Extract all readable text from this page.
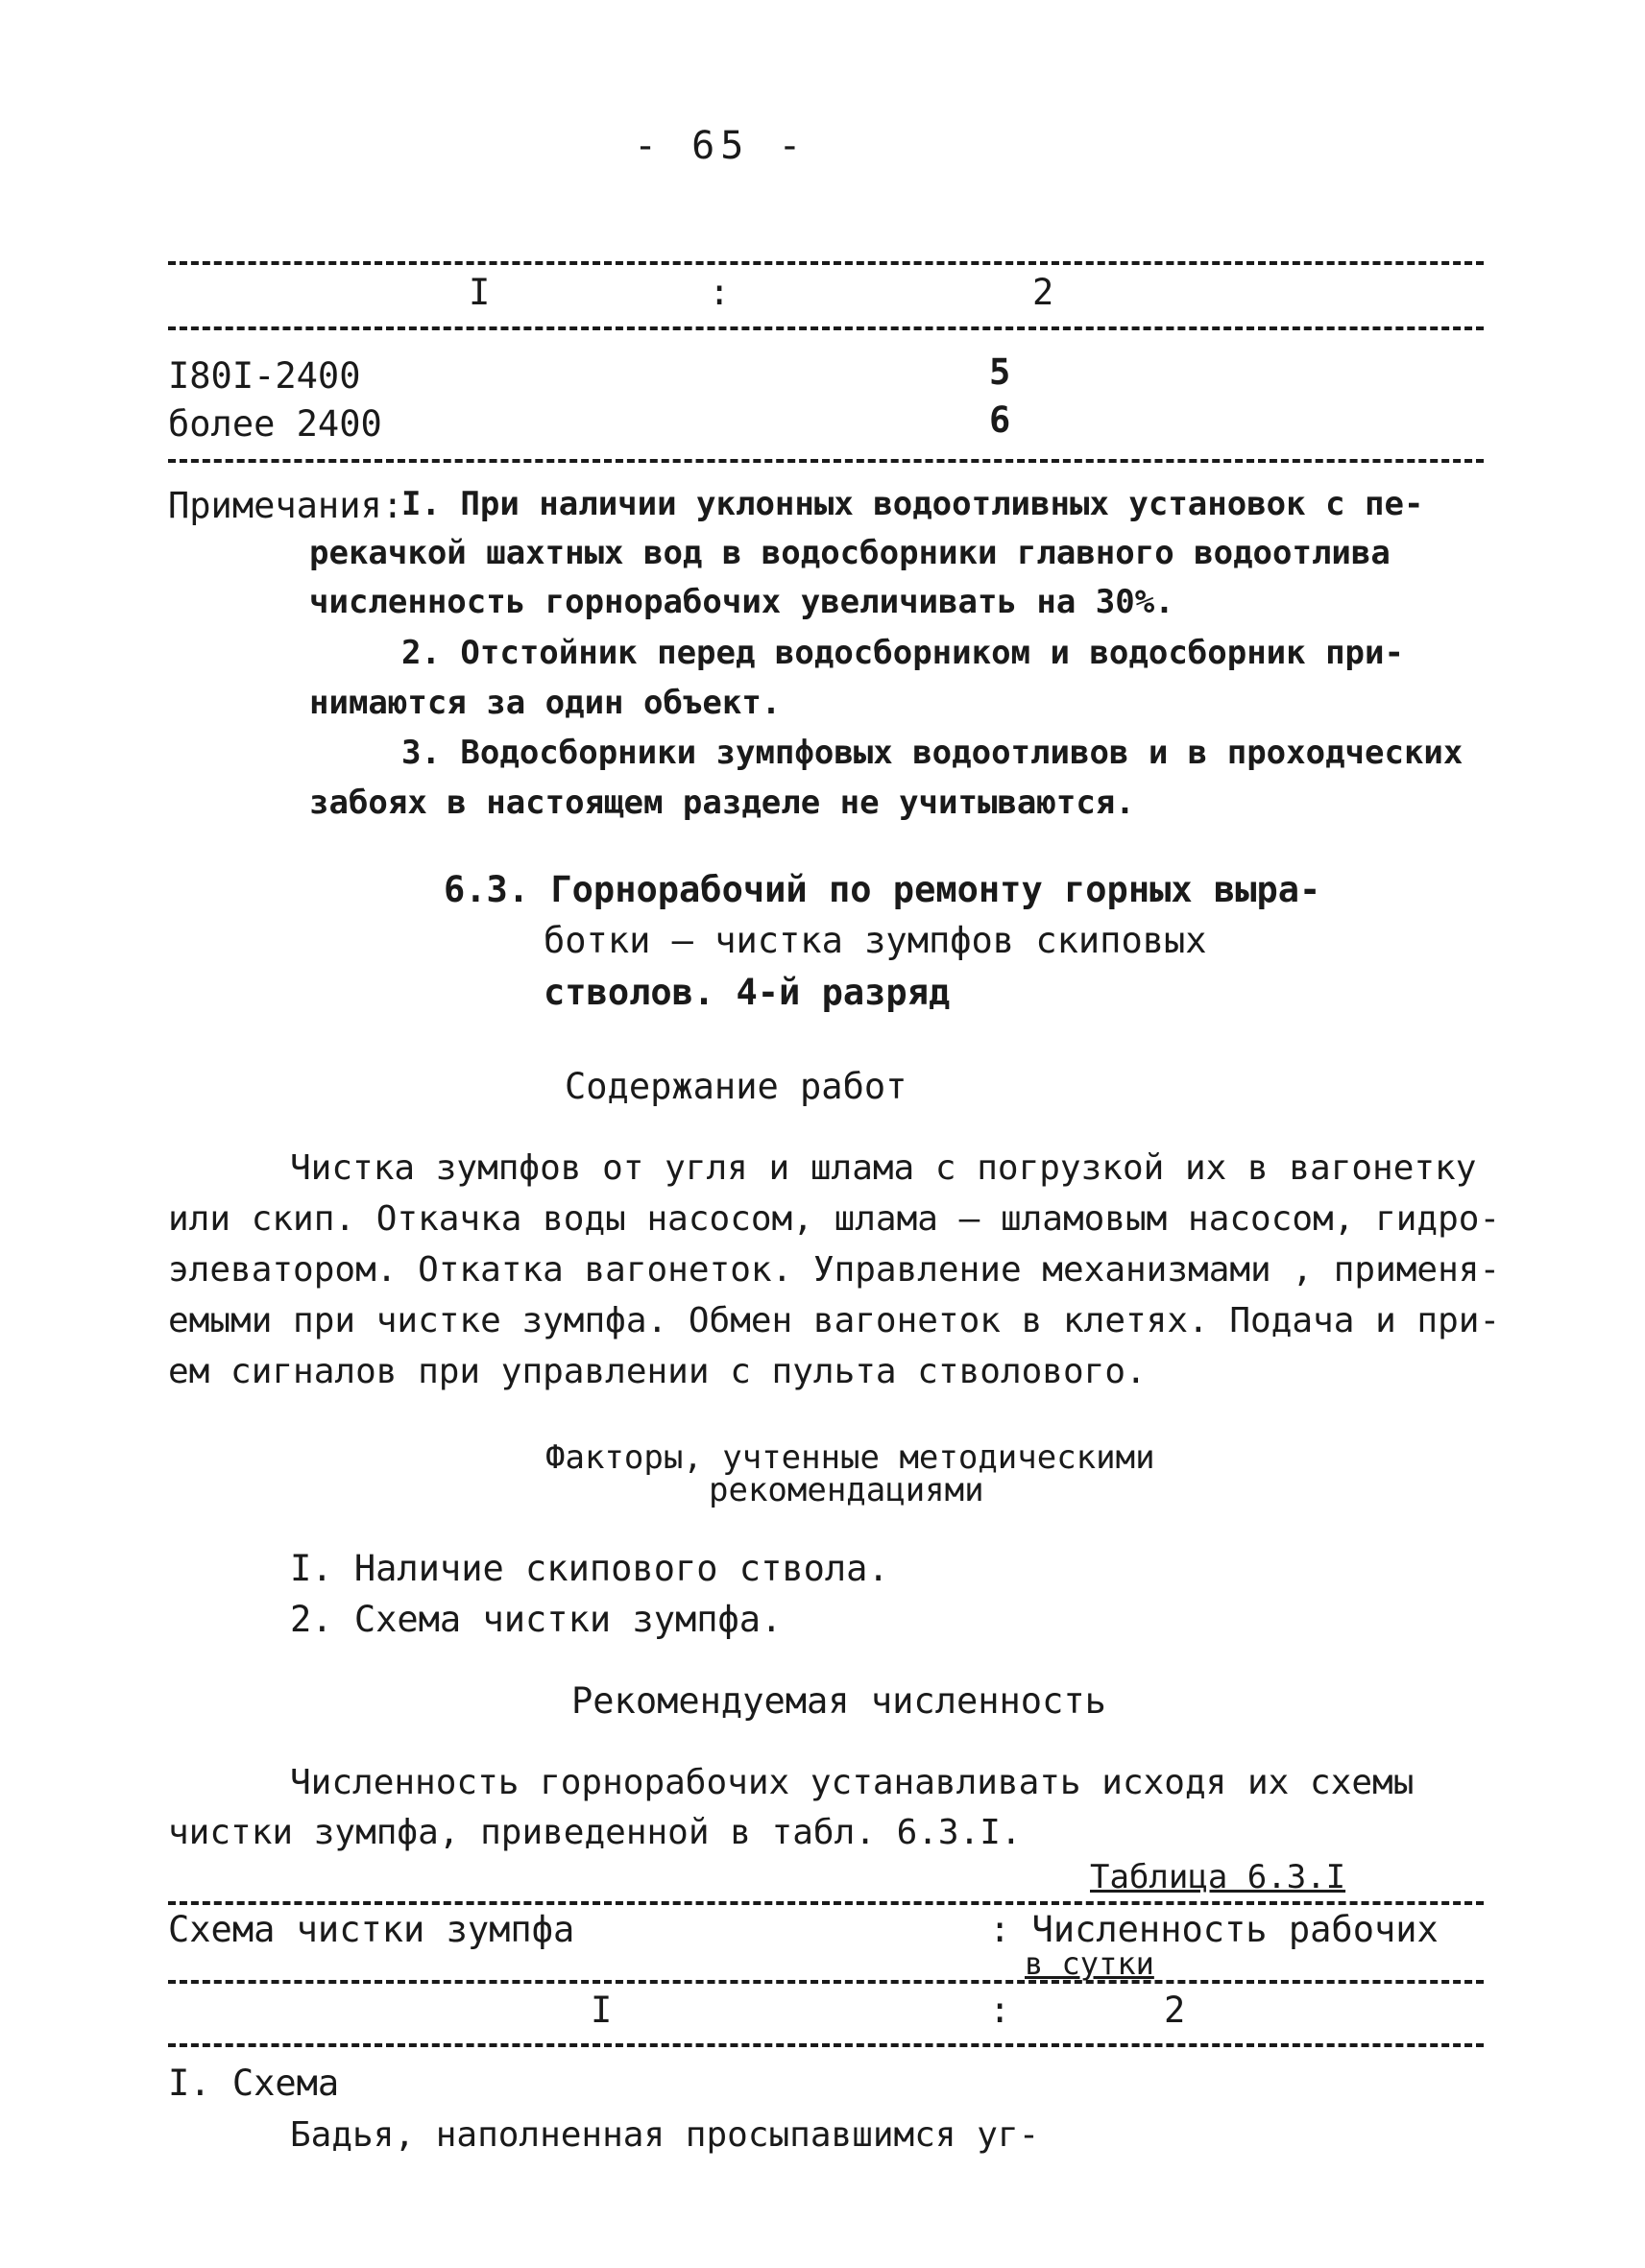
- 65 -
I	:	2
I80I-2400	5
более 2400	6
Примечания:
I. При наличии уклонных водоотливных установок с пе-
рекачкой шахтных вод в водосборники главного водоотлива
численность горнорабочих увеличивать на 30%.
2. Отстойник перед водосборником и водосборник при-
нимаются за один объект.
3. Водосборники зумпфовых водоотливов и в проходческих
забоях в настоящем разделе не учитываются.
6.3. Горнорабочий по ремонту горных выра-
ботки – чистка зумпфов скиповых
стволов. 4-й разряд
Содержание работ
Чистка зумпфов от угля и шлама с погрузкой их в вагонетку
или скип. Откачка воды насосом, шлама – шламовым насосом, гидро-
элеватором. Откатка вагонеток. Управление механизмами , применя-
емыми при чистке зумпфа. Обмен вагонеток в клетях. Подача и при-
ем сигналов при управлении с пульта стволового.
Факторы, учтенные методическими
рекомендациями
I. Наличие скипового ствола.
2. Схема чистки зумпфа.
Рекомендуемая численность
Численность горнорабочих устанавливать исходя их схемы
чистки зумпфа, приведенной в табл. 6.3.I.
Таблица 6.3.I
Схема чистки зумпфа	: Численность рабочих
в сутки
I	:	2
I. Схема
Бадья, наполненная просыпавшимся уг-
